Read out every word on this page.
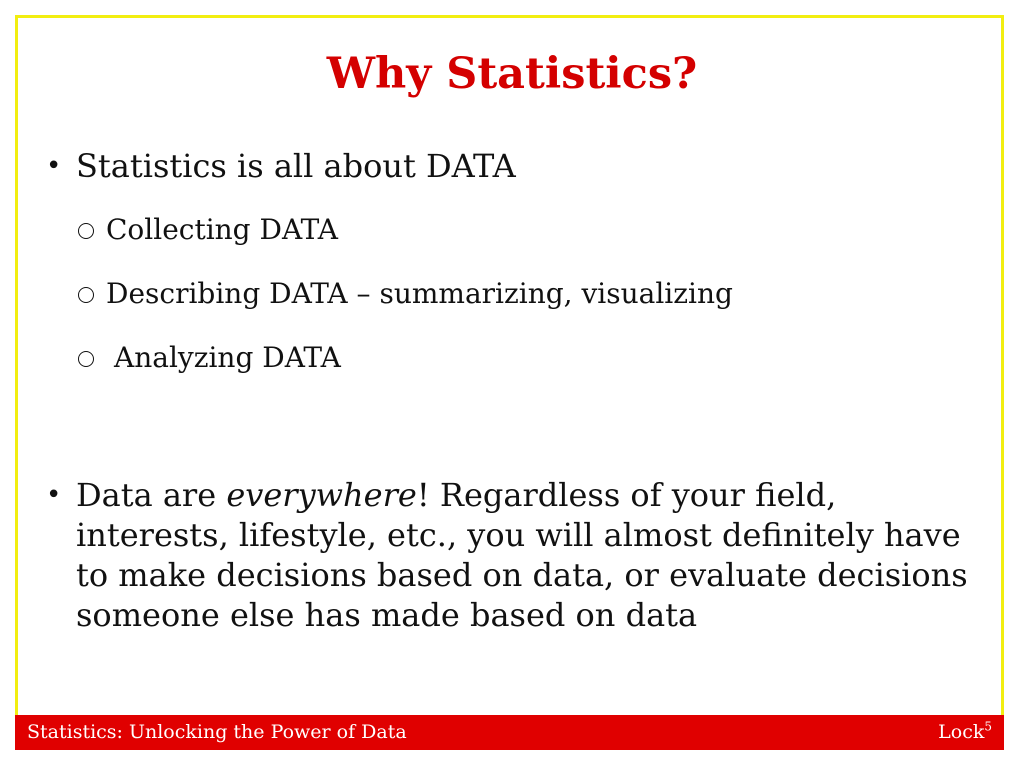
Why Statistics?

• Statistics is all about DATA

Collecting DATA

Describing DATA – summarizing, visualizing

Analyzing DATA

• Data are everywhere! Regardless of your field, interests, lifestyle, etc., you will almost definitely have to make decisions based on data, or evaluate decisions someone else has made based on data

Statistics: Unlocking the Power of Data	Lock$^5$
